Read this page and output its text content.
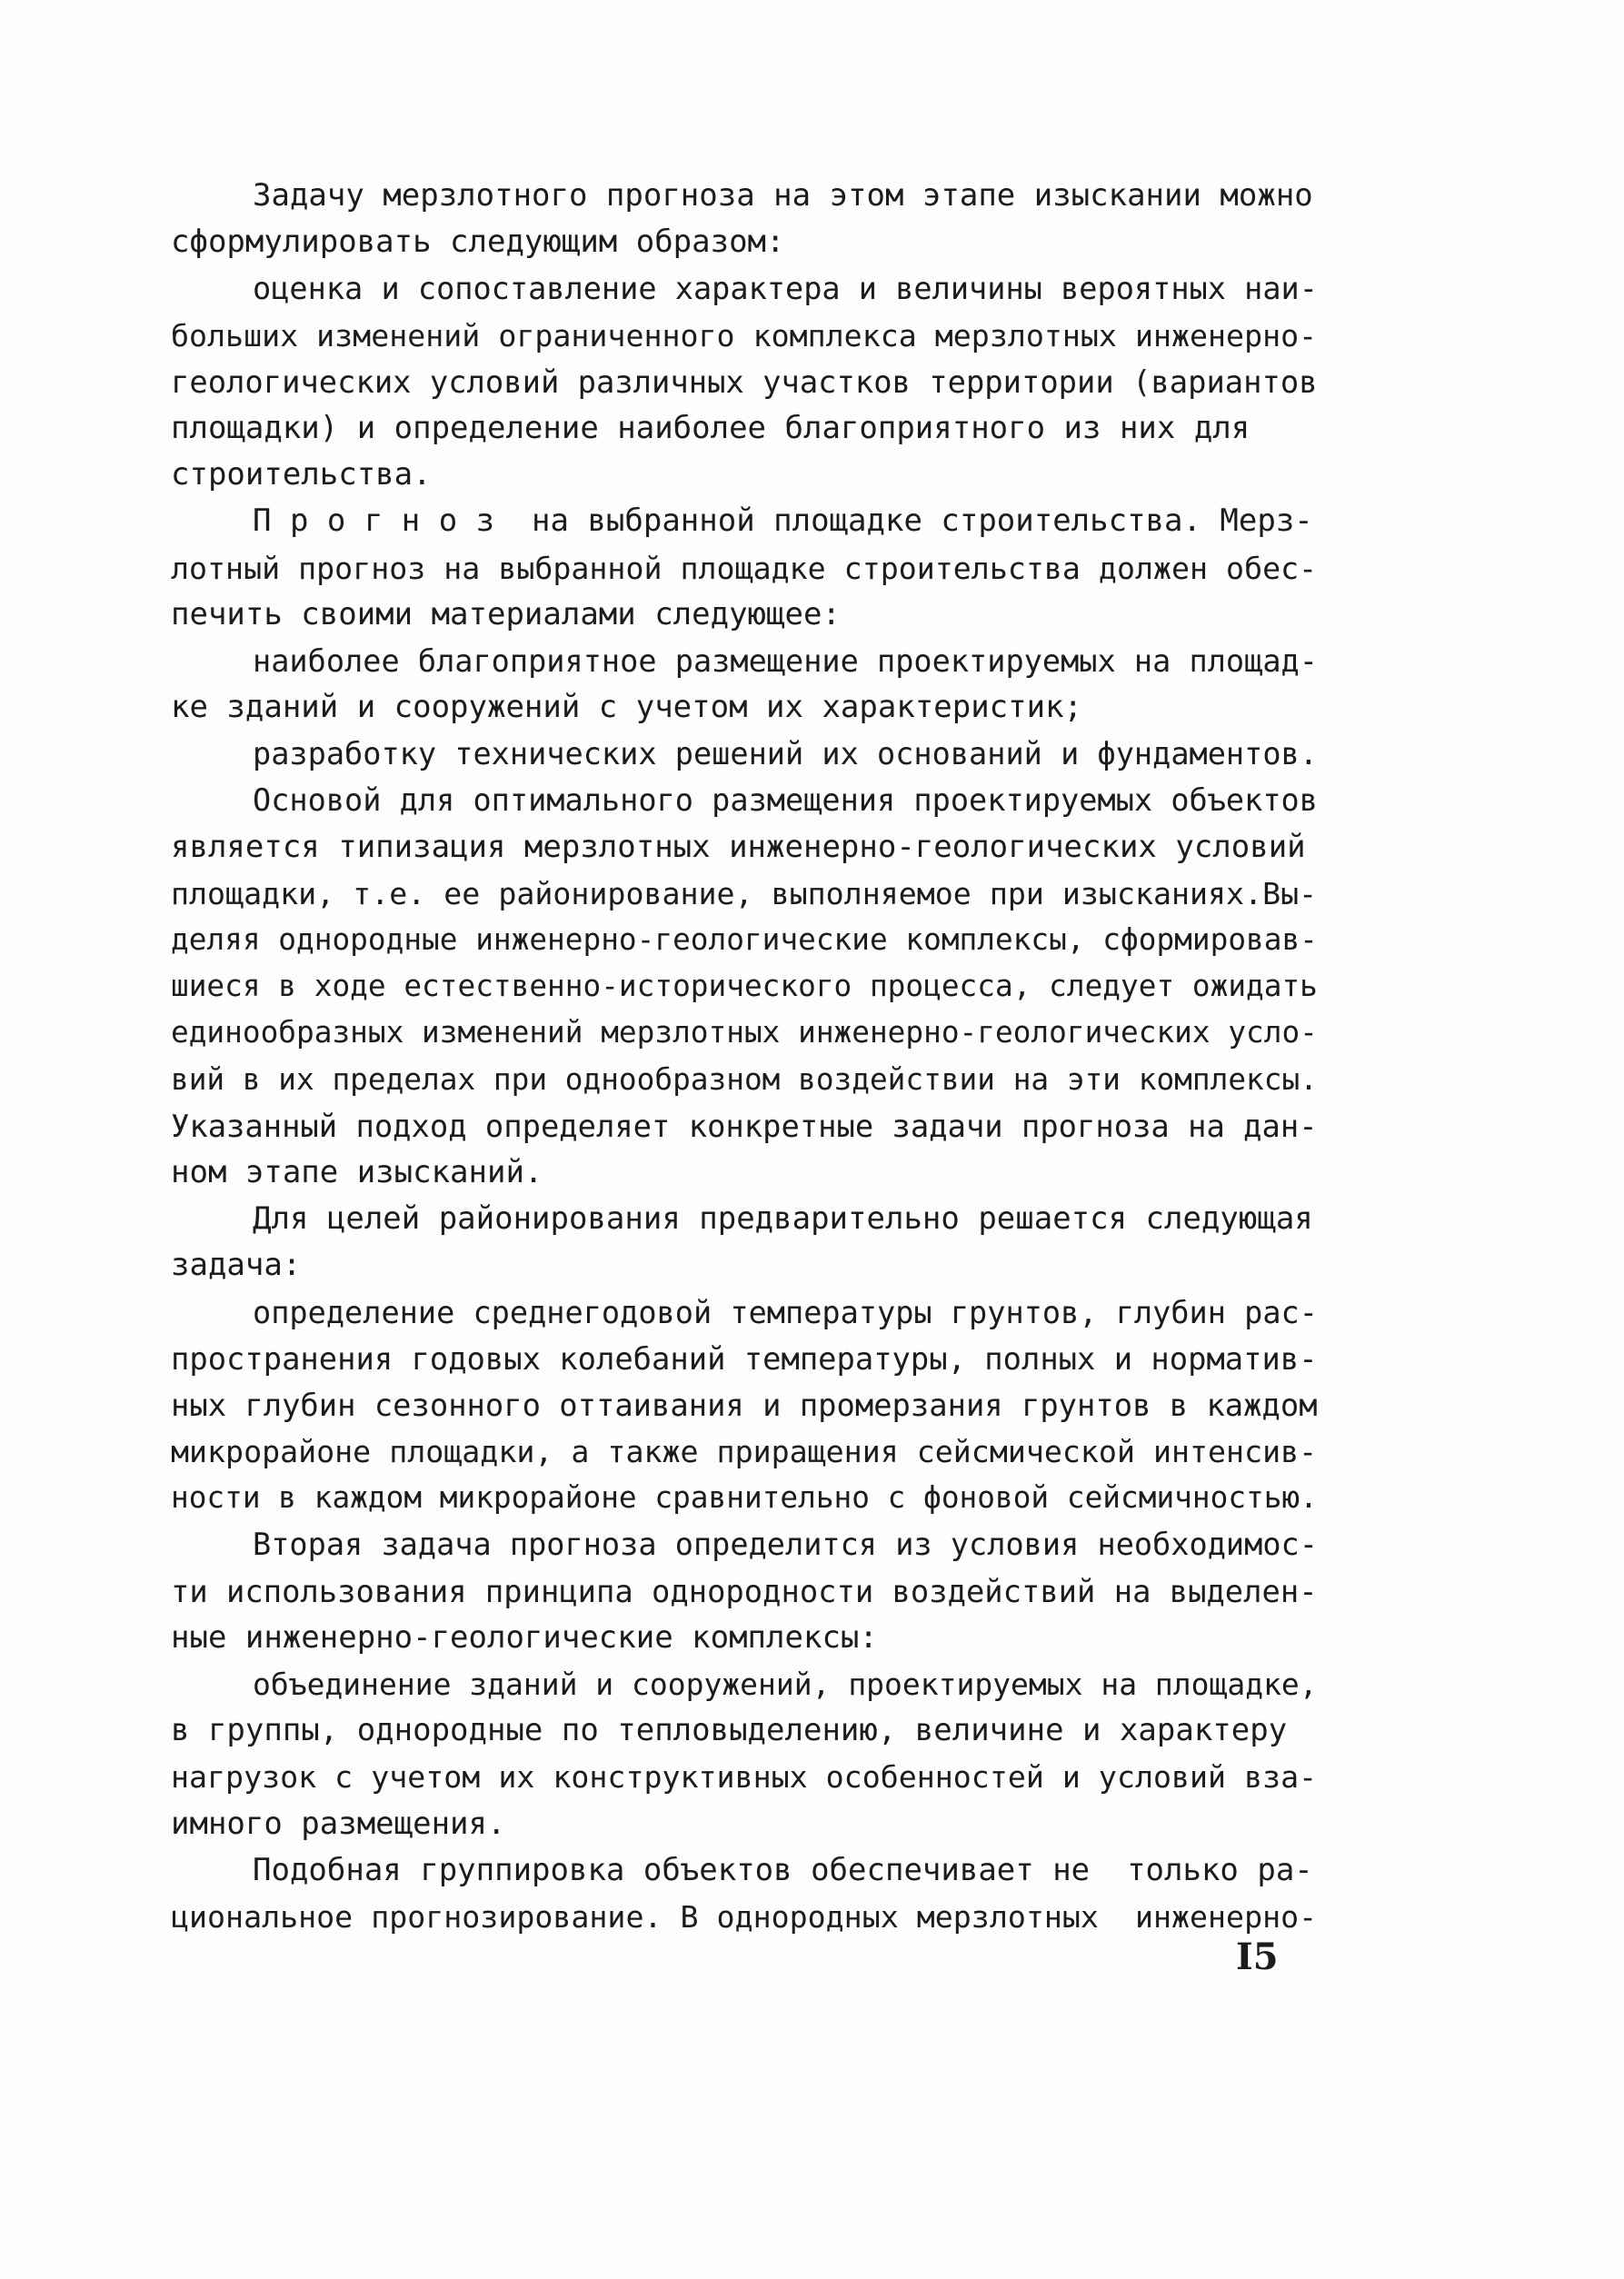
Задачу мерзлотного прогноза на этом этапе изыскании можно
сформулировать следующим образом:
оценка и сопоставление характера и величины вероятных наи-
больших изменений ограниченного комплекса мерзлотных инженерно-
геологических условий различных участков территории (вариантов
площадки) и определение наиболее благоприятного из них для
строительства.
П р о г н о з  на выбранной площадке строительства. Мерз-
лотный прогноз на выбранной площадке строительства должен обес-
печить своими материалами следующее:
наиболее благоприятное размещение проектируемых на площад-
ке зданий и сооружений с учетом их характеристик;
разработку технических решений их оснований и фундаментов.
Основой для оптимального размещения проектируемых объектов
является типизация мерзлотных инженерно-геологических условий
площадки, т.е. ее районирование, выполняемое при изысканиях.Вы-
деляя однородные инженерно-геологические комплексы, сформировав-
шиеся в ходе естественно-исторического процесса, следует ожидать
единообразных изменений мерзлотных инженерно-геологических усло-
вий в их пределах при однообразном воздействии на эти комплексы.
Указанный подход определяет конкретные задачи прогноза на дан-
ном этапе изысканий.
Для целей районирования предварительно решается следующая
задача:
определение среднегодовой температуры грунтов, глубин рас-
пространения годовых колебаний температуры, полных и норматив-
ных глубин сезонного оттаивания и промерзания грунтов в каждом
микрорайоне площадки, а также приращения сейсмической интенсив-
ности в каждом микрорайоне сравнительно с фоновой сейсмичностью.
Вторая задача прогноза определится из условия необходимос-
ти использования принципа однородности воздействий на выделен-
ные инженерно-геологические комплексы:
объединение зданий и сооружений, проектируемых на площадке,
в группы, однородные по тепловыделению, величине и характеру
нагрузок с учетом их конструктивных особенностей и условий вза-
имного размещения.
Подобная группировка объектов обеспечивает не  только ра-
циональное прогнозирование. В однородных мерзлотных  инженерно-
I5
